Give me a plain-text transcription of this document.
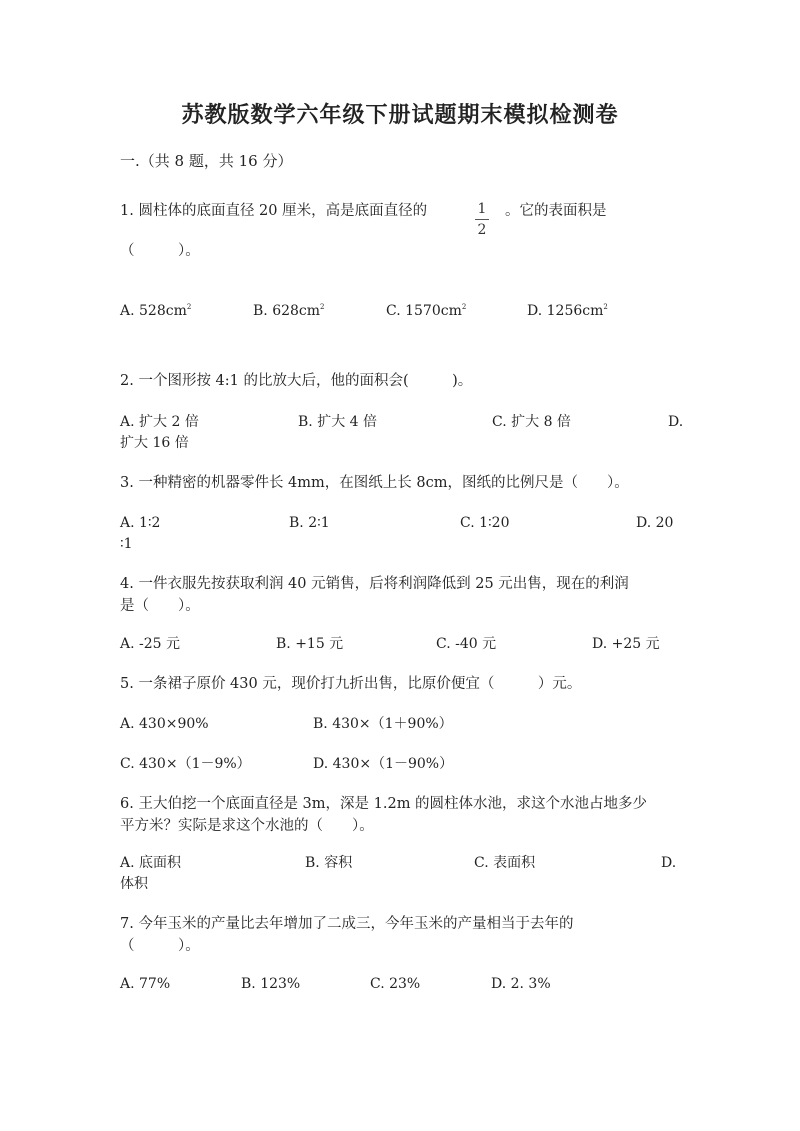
苏教版数学六年级下册试题期末模拟检测卷
一.（共 8 题，共 16 分）
1. 圆柱体的底面直径 20 厘米，高是底面直径的	1
2
。它的表面积是
（　　　）。
A. $528cm^2$	B. $628cm^2$	C. $1570cm^2$	D. $1256cm^2$
2. 一个图形按 4:1 的比放大后，他的面积会(　　　)。
A. 扩大 2 倍	B. 扩大 4 倍	C. 扩大 8 倍	D.
扩大 16 倍
3. 一种精密的机器零件长 4mm，在图纸上长 8cm，图纸的比例尺是（　　）。
A. 1∶2	B. 2∶1	C. 1∶20	D. 20
∶1
4. 一件衣服先按获取利润 40 元销售，后将利润降低到 25 元出售，现在的利润
是（　　）。
A. -25 元	B. +15 元	C. -40 元	D. +25 元
5. 一条裙子原价 430 元，现价打九折出售，比原价便宜（　　　）元。
A. 430×90%	B. 430×（1＋90%）
C. 430×（1－9%）	D. 430×（1－90%）
6. 王大伯挖一个底面直径是 3m，深是 1.2m 的圆柱体水池，求这个水池占地多少
平方米？实际是求这个水池的（　　）。
A. 底面积	B. 容积	C. 表面积	D.
体积
7. 今年玉米的产量比去年增加了二成三，今年玉米的产量相当于去年的
（　　　）。
A. 77%	B. 123%	C. 23%	D. 2. 3%
